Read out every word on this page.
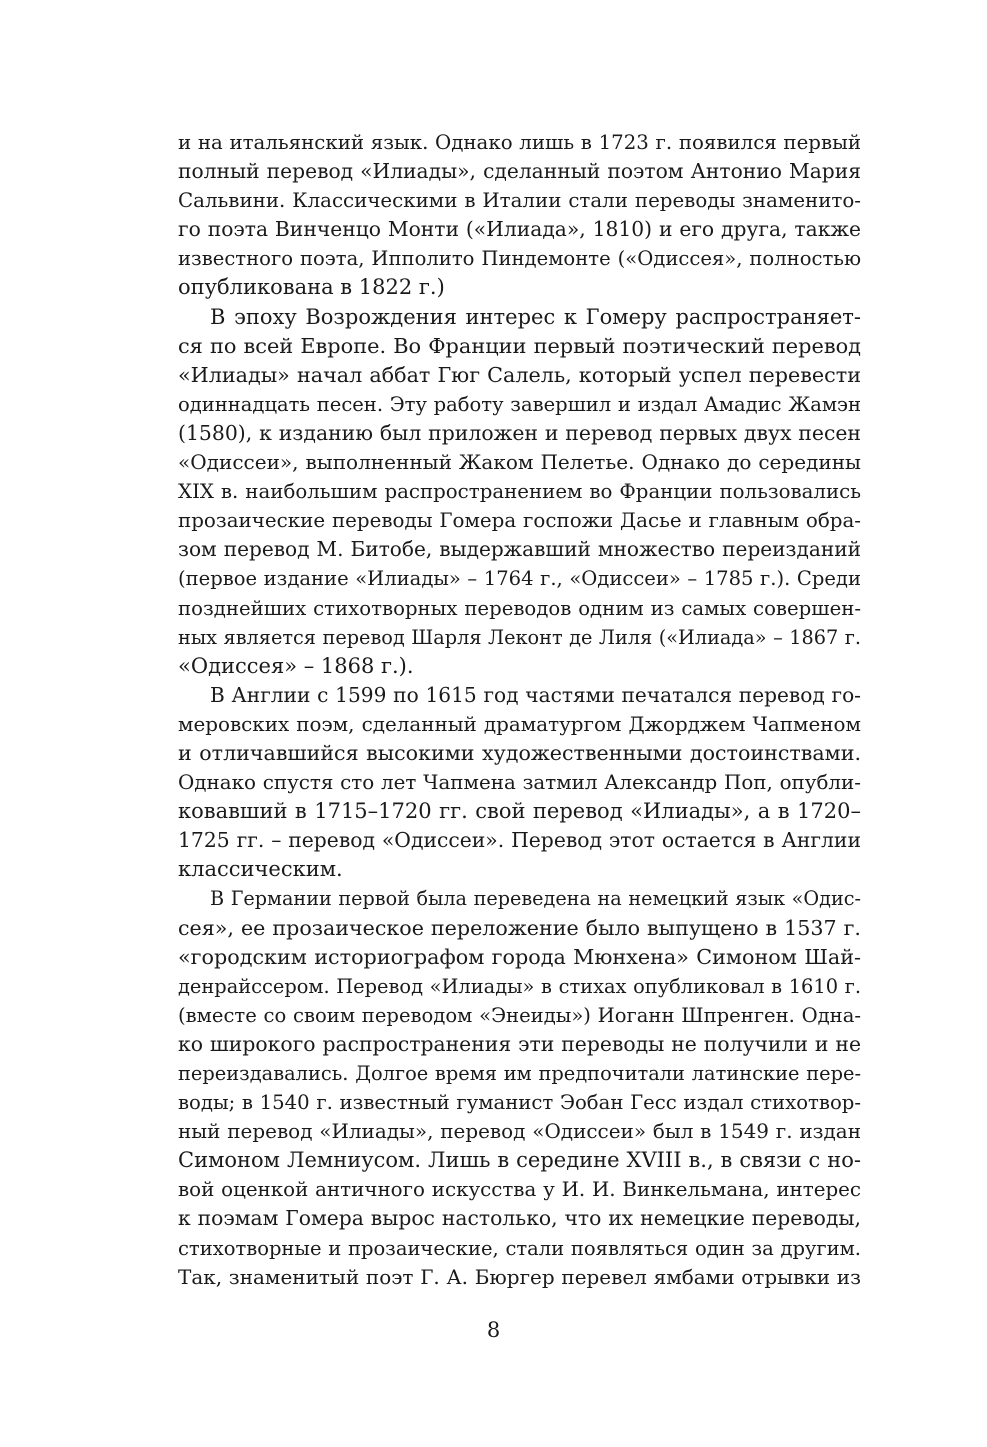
и на итальянский язык. Однако лишь в 1723 г. появился первый
полный перевод «Илиады», сделанный поэтом Антонио Мария
Сальвини. Классическими в Италии стали переводы знаменито-
го поэта Винченцо Монти («Илиада», 1810) и его друга, также
известного поэта, Ипполито Пиндемонте («Одиссея», полностью
опубликована в 1822 г.)
В эпоху Возрождения интерес к Гомеру распространяет-
ся по всей Европе. Во Франции первый поэтический перевод
«Илиады» начал аббат Гюг Салель, который успел перевести
одиннадцать песен. Эту работу завершил и издал Амадис Жамэн
(1580), к изданию был приложен и перевод первых двух песен
«Одиссеи», выполненный Жаком Пелетье. Однако до середины
XIX в. наибольшим распространением во Франции пользовались
прозаические переводы Гомера госпожи Дасье и главным обра-
зом перевод М. Битобе, выдержавший множество переизданий
(первое издание «Илиады» – 1764 г., «Одиссеи» – 1785 г.). Среди
позднейших стихотворных переводов одним из самых совершен-
ных является перевод Шарля Леконт де Лиля («Илиада» – 1867 г.
«Одиссея» – 1868 г.).
В Англии с 1599 по 1615 год частями печатался перевод го-
меровских поэм, сделанный драматургом Джорджем Чапменом
и отличавшийся высокими художественными достоинствами.
Однако спустя сто лет Чапмена затмил Александр Поп, опубли-
ковавший в 1715–1720 гг. свой перевод «Илиады», а в 1720–
1725 гг. – перевод «Одиссеи». Перевод этот остается в Англии
классическим.
В Германии первой была переведена на немецкий язык «Одис-
сея», ее прозаическое переложение было выпущено в 1537 г.
«городским историографом города Мюнхена» Симоном Шай-
денрайссером. Перевод «Илиады» в стихах опубликовал в 1610 г.
(вместе со своим переводом «Энеиды») Иоганн Шпренген. Одна-
ко широкого распространения эти переводы не получили и не
переиздавались. Долгое время им предпочитали латинские пере-
воды; в 1540 г. известный гуманист Эобан Гесс издал стихотвор-
ный перевод «Илиады», перевод «Одиссеи» был в 1549 г. издан
Симоном Лемниусом. Лишь в середине XVIII в., в связи с но-
вой оценкой античного искусства у И. И. Винкельмана, интерес
к поэмам Гомера вырос настолько, что их немецкие переводы,
стихотворные и прозаические, стали появляться один за другим.
Так, знаменитый поэт Г. А. Бюргер перевел ямбами отрывки из
8
